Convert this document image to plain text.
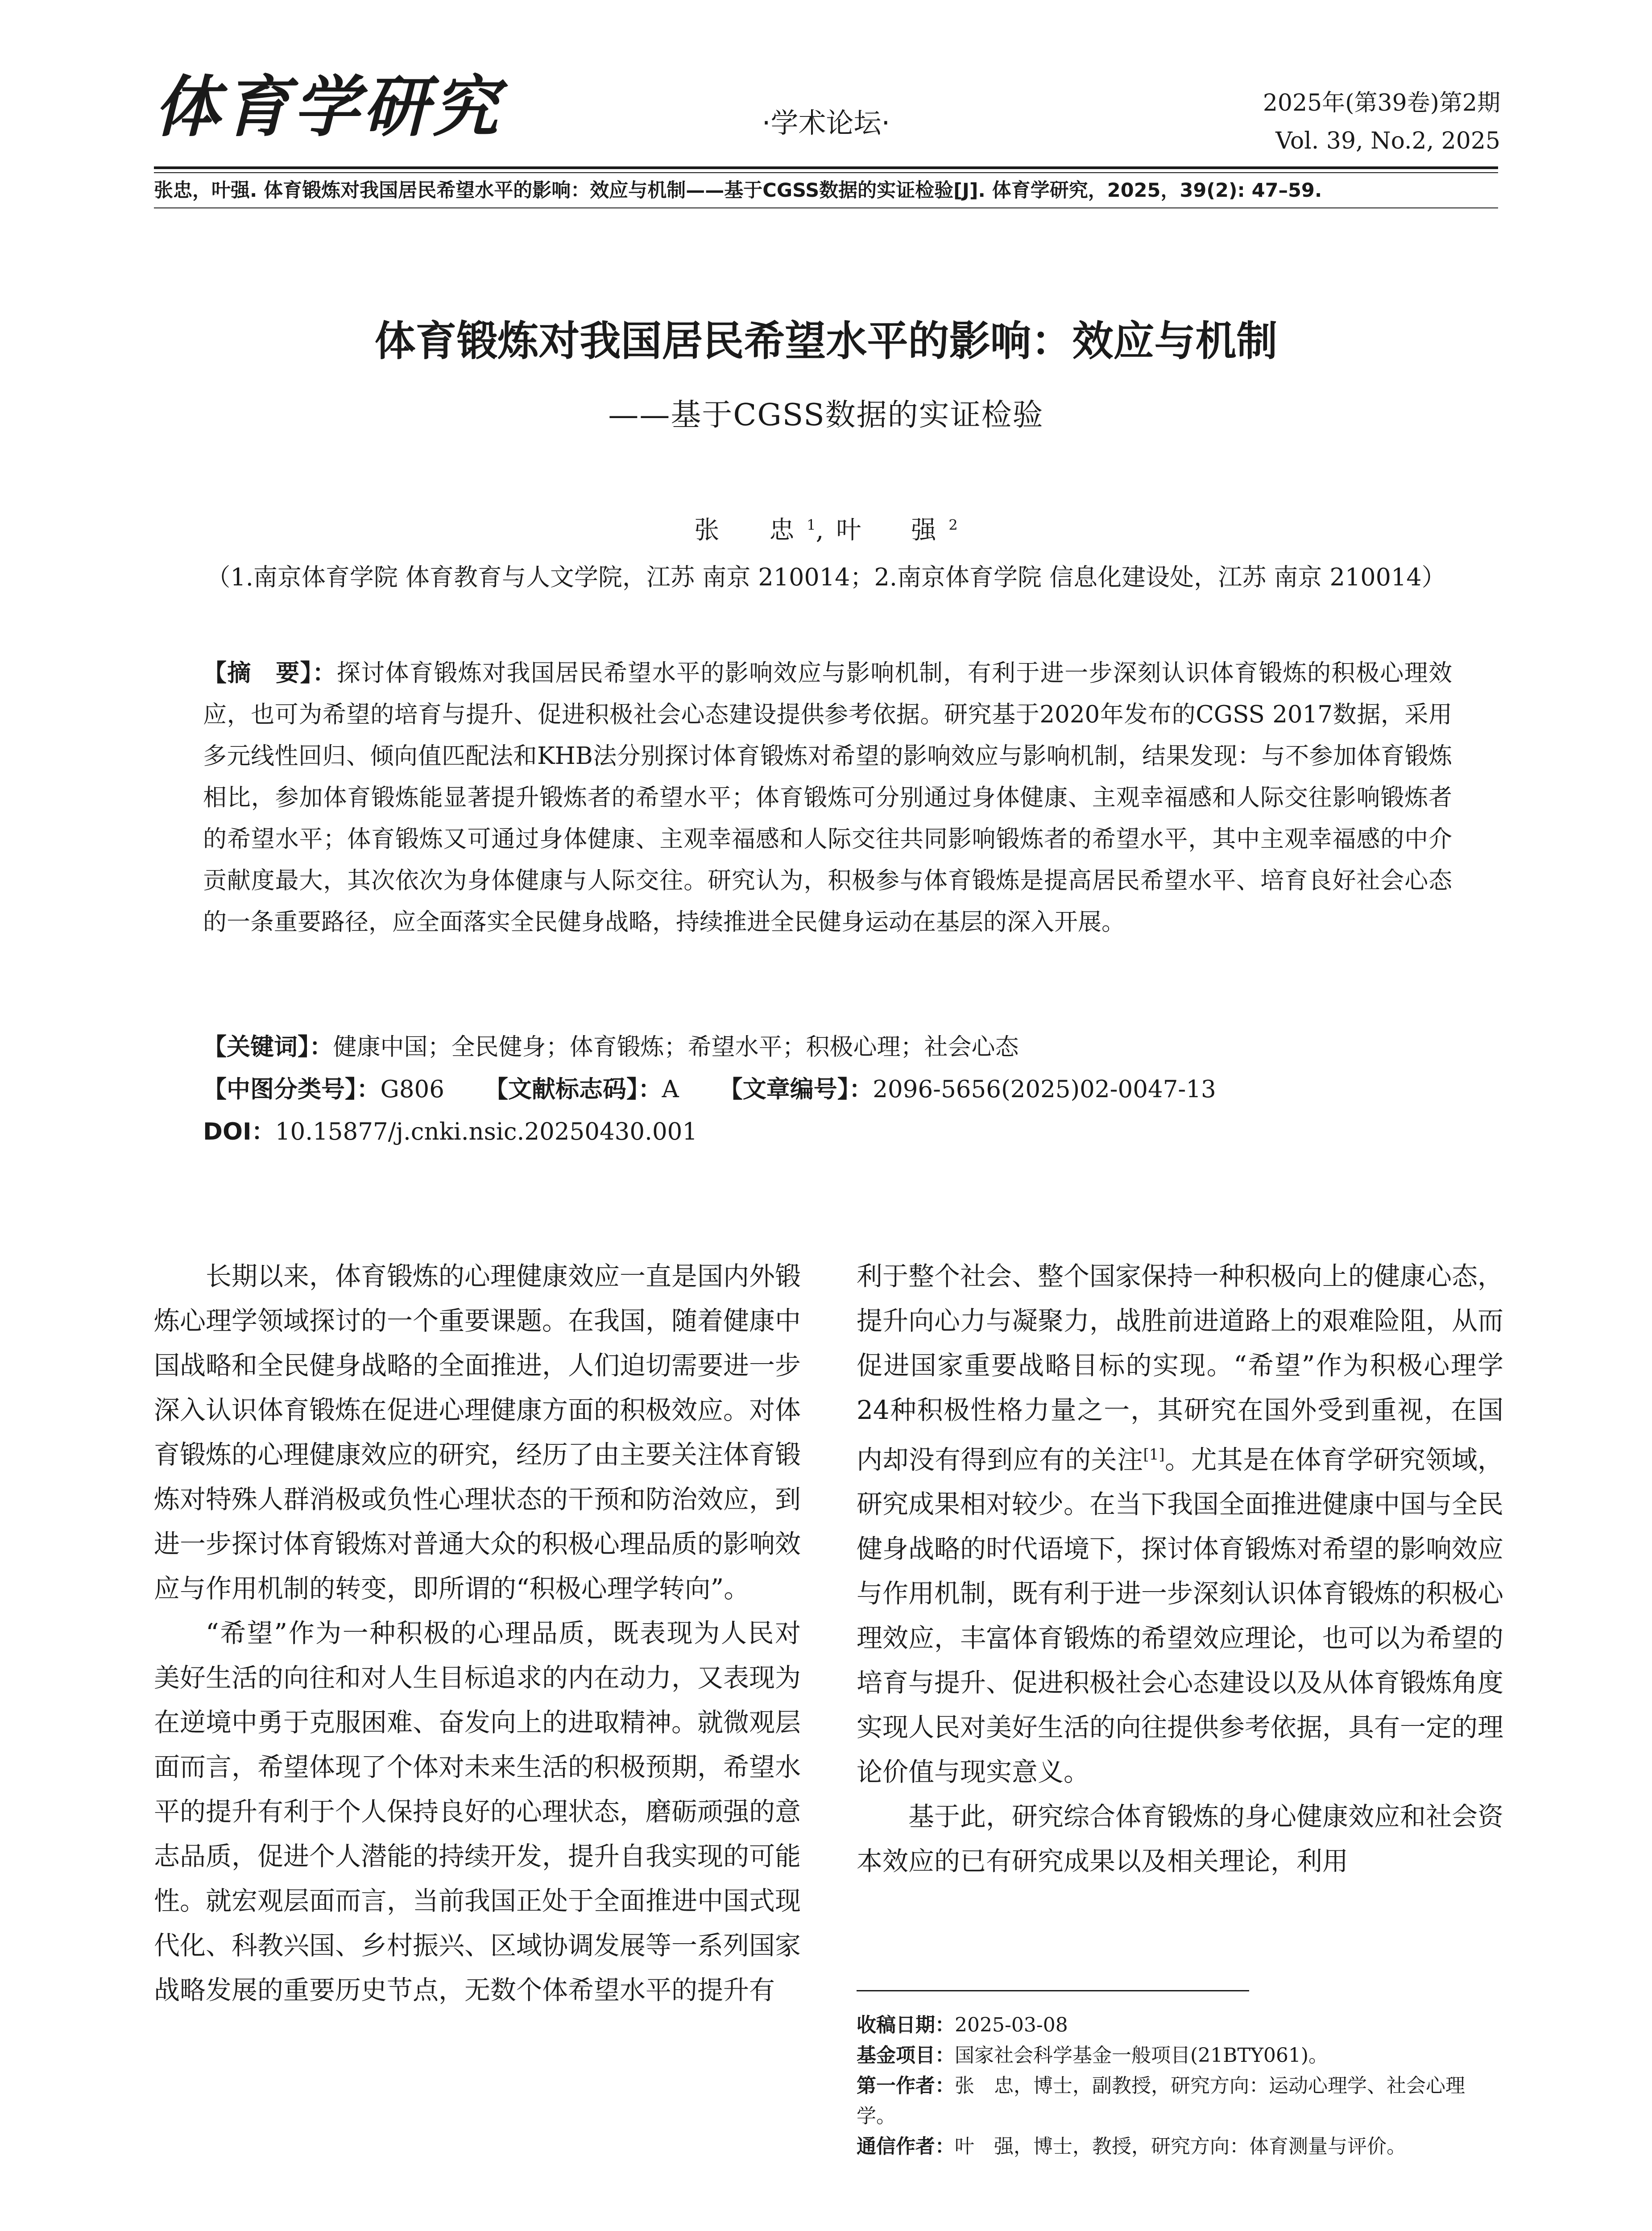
体育学研究	·学术论坛·
2025年(第39卷)第2期
Vol. 39, No.2, 2025
张忠，叶强. 体育锻炼对我国居民希望水平的影响：效应与机制——基于CGSS数据的实证检验[J]. 体育学研究，2025，39(2): 47–59.
体育锻炼对我国居民希望水平的影响：效应与机制
——基于CGSS数据的实证检验
张　忠$^1$,叶　强$^2$
（1.南京体育学院 体育教育与人文学院，江苏 南京 210014；2.南京体育学院 信息化建设处，江苏 南京 210014）
【摘　要】：探讨体育锻炼对我国居民希望水平的影响效应与影响机制，有利于进一步深刻认识体育锻炼的积极心理效应，也可为希望的培育与提升、促进积极社会心态建设提供参考依据。研究基于2020年发布的CGSS 2017数据，采用多元线性回归、倾向值匹配法和KHB法分别探讨体育锻炼对希望的影响效应与影响机制，结果发现：与不参加体育锻炼相比，参加体育锻炼能显著提升锻炼者的希望水平；体育锻炼可分别通过身体健康、主观幸福感和人际交往影响锻炼者的希望水平；体育锻炼又可通过身体健康、主观幸福感和人际交往共同影响锻炼者的希望水平，其中主观幸福感的中介贡献度最大，其次依次为身体健康与人际交往。研究认为，积极参与体育锻炼是提高居民希望水平、培育良好社会心态的一条重要路径，应全面落实全民健身战略，持续推进全民健身运动在基层的深入开展。
【关键词】：健康中国；全民健身；体育锻炼；希望水平；积极心理；社会心态
【中图分类号】：G806 【文献标志码】：A 【文章编号】：2096-5656(2025)02-0047-13
DOI：10.15877/j.cnki.nsic.20250430.001

长期以来，体育锻炼的心理健康效应一直是国内外锻炼心理学领域探讨的一个重要课题。在我国，随着健康中国战略和全民健身战略的全面推进，人们迫切需要进一步深入认识体育锻炼在促进心理健康方面的积极效应。对体育锻炼的心理健康效应的研究，经历了由主要关注体育锻炼对特殊人群消极或负性心理状态的干预和防治效应，到进一步探讨体育锻炼对普通大众的积极心理品质的影响效应与作用机制的转变，即所谓的“积极心理学转向”。

“希望”作为一种积极的心理品质，既表现为人民对美好生活的向往和对人生目标追求的内在动力，又表现为在逆境中勇于克服困难、奋发向上的进取精神。就微观层面而言，希望体现了个体对未来生活的积极预期，希望水平的提升有利于个人保持良好的心理状态，磨砺顽强的意志品质，促进个人潜能的持续开发，提升自我实现的可能性。就宏观层面而言，当前我国正处于全面推进中国式现代化、科教兴国、乡村振兴、区域协调发展等一系列国家战略发展的重要历史节点，无数个体希望水平的提升有

利于整个社会、整个国家保持一种积极向上的健康心态，提升向心力与凝聚力，战胜前进道路上的艰难险阻，从而促进国家重要战略目标的实现。“希望”作为积极心理学24种积极性格力量之一，其研究在国外受到重视，在国内却没有得到应有的关注[1]。尤其是在体育学研究领域，研究成果相对较少。在当下我国全面推进健康中国与全民健身战略的时代语境下，探讨体育锻炼对希望的影响效应与作用机制，既有利于进一步深刻认识体育锻炼的积极心理效应，丰富体育锻炼的希望效应理论，也可以为希望的培育与提升、促进积极社会心态建设以及从体育锻炼角度实现人民对美好生活的向往提供参考依据，具有一定的理论价值与现实意义。

基于此，研究综合体育锻炼的身心健康效应和社会资本效应的已有研究成果以及相关理论，利用

收稿日期：2025-03-08
基金项目：国家社会科学基金一般项目(21BTY061)。
第一作者：张　忠，博士，副教授，研究方向：运动心理学、社会心理学。
通信作者：叶　强，博士，教授，研究方向：体育测量与评价。
